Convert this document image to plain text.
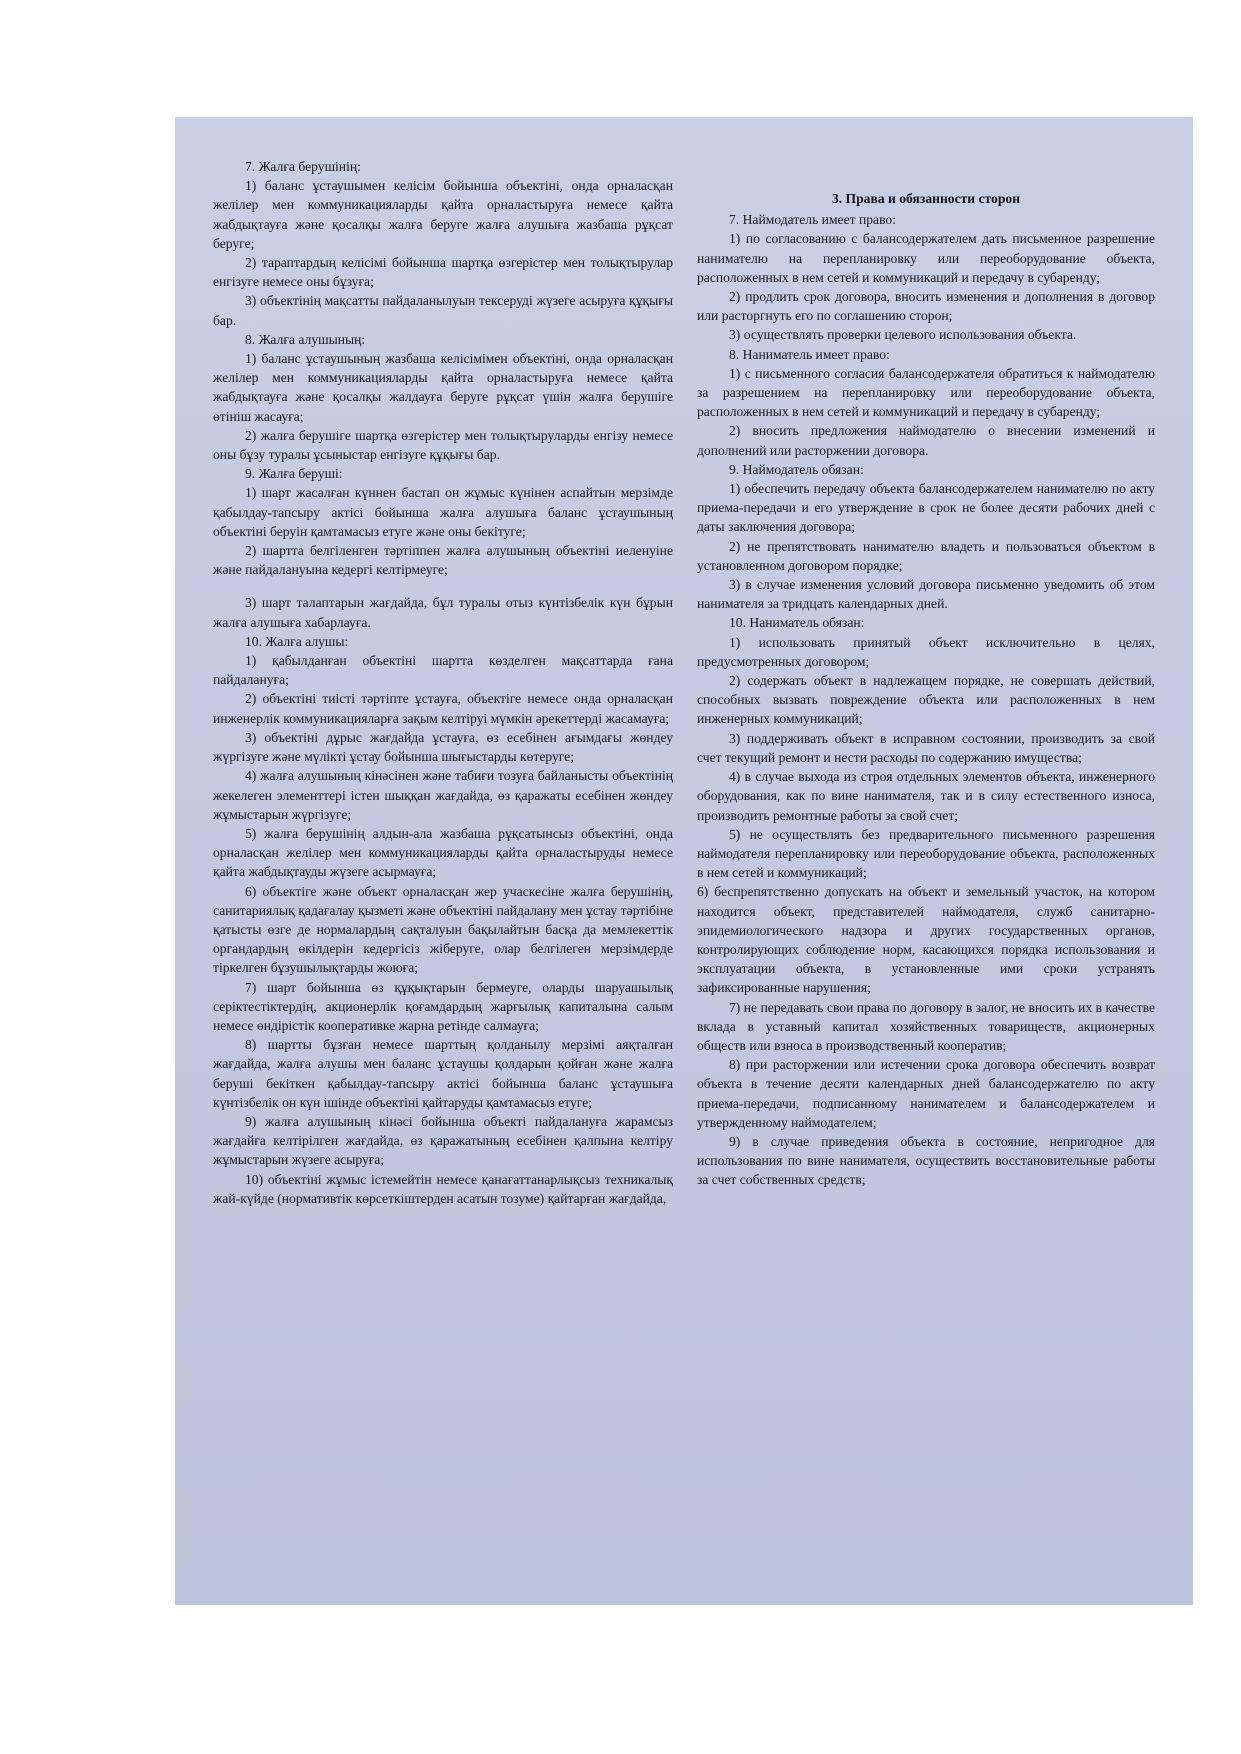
7. Жалға берушінің:

1) баланс ұстаушымен келісім бойынша объектіні, онда орналасқан желілер мен коммуникацияларды қайта орналастыруға немесе қайта жабдықтауға және қосалқы жалға беруге жалға алушыға жазбаша рұқсат беруге;

2) тараптардың келісімі бойынша шартқа өзгерістер мен толықтырулар енгізуге немесе оны бұзуға;

3) объектінің мақсатты пайдаланылуын тексеруді жүзеге асыруға құқығы бар.

8. Жалға алушының:

1) баланс ұстаушының жазбаша келісімімен объектіні, онда орналасқан желілер мен коммуникацияларды қайта орналастыруға немесе қайта жабдықтауға және қосалқы жалдауға беруге рұқсат үшін жалға берушіге өтініш жасауға;

2) жалға берушіге шартқа өзгерістер мен толықтыруларды енгізу немесе оны бұзу туралы ұсыныстар енгізуге құқығы бар.

9. Жалға беруші:

1) шарт жасалған күннен бастап он жұмыс күнінен аспайтын мерзімде қабылдау-тапсыру актісі бойынша жалға алушыға баланс ұстаушының объектіні беруін қамтамасыз етуге және оны бекітуге;

2) шартта белгіленген тәртіппен жалға алушының объектіні иеленуіне және пайдалануына кедергі келтірмеуге;

3) шарт талаптарын жағдайда, бұл туралы отыз күнтізбелік күн бұрын жалға алушыға хабарлауға.

10. Жалға алушы:

1) қабылданған объектіні шартта көзделген мақсаттарда ғана пайдалануға;

2) объектіні тиісті тәртіпте ұстауға, объектіге немесе онда орналасқан инженерлік коммуникацияларға зақым келтіруі мүмкін әрекеттерді жасамауға;

3) объектіні дұрыс жағдайда ұстауға, өз есебінен ағымдағы жөндеу жүргізуге және мүлікті ұстау бойынша шығыстарды көтеруге;

4) жалға алушының кінәсінен және табиғи тозуға байланысты объектінің жекелеген элементтері істен шыққан жағдайда, өз қаражаты есебінен жөндеу жұмыстарын жүргізуге;

5) жалға берушінің алдын-ала жазбаша рұқсатынсыз объектіні, онда орналасқан желілер мен коммуникацияларды қайта орналастыруды немесе қайта жабдықтауды жүзеге асырмауға;

6) объектіге және объект орналасқан жер учаскесіне жалға берушінің, санитариялық қадағалау қызметі және объектіні пайдалану мен ұстау тәртібіне қатысты өзге де нормалардың сақталуын бақылайтын басқа да мемлекеттік органдардың өкілдерін кедергісіз жіберуге, олар белгілеген мерзімдерде тіркелген бұзушылықтарды жоюға;

7) шарт бойынша өз құқықтарын бермеуге, оларды шаруашылық серіктестіктердің, акционерлік қоғамдардың жарғылық капиталына салым немесе өндірістік кооперативке жарна ретінде салмауға;

8) шартты бұзған немесе шарттың қолданылу мерзімі аяқталған жағдайда, жалға алушы мен баланс ұстаушы қолдарын қойған және жалға беруші бекіткен қабылдау-тапсыру актісі бойынша баланс ұстаушыға күнтізбелік он күн ішінде объектіні қайтаруды қамтамасыз етуге;

9) жалға алушының кінәсі бойынша объекті пайдалануға жарамсыз жағдайға келтірілген жағдайда, өз қаражатының есебінен қалпына келтіру жұмыстарын жүзеге асыруға;

10) объектіні жұмыс істемейтін немесе қанағаттанарлықсыз техникалық жай-күйде (нормативтік көрсеткіштерден асатын тозуме) қайтарған жағдайда,

3. Права и обязанности сторон

7. Наймодатель имеет право:

1) по согласованию с балансодержателем дать письменное разрешение нанимателю на перепланировку или переоборудование объекта, расположенных в нем сетей и коммуникаций и передачу в субаренду;

2) продлить срок договора, вносить изменения и дополнения в договор или расторгнуть его по соглашению сторон;

3) осуществлять проверки целевого использования объекта.

8. Наниматель имеет право:

1) с письменного согласия балансодержателя обратиться к наймодателю за разрешением на перепланировку или переоборудование объекта, расположенных в нем сетей и коммуникаций и передачу в субаренду;

2) вносить предложения наймодателю о внесении изменений и дополнений или расторжении договора.

9. Наймодатель обязан:

1) обеспечить передачу объекта балансодержателем нанимателю по акту приема-передачи и его утверждение в срок не более десяти рабочих дней с даты заключения договора;

2) не препятствовать нанимателю владеть и пользоваться объектом в установленном договором порядке;

3) в случае изменения условий договора письменно уведомить об этом нанимателя за тридцать календарных дней.

10. Наниматель обязан:

1) использовать принятый объект исключительно в целях, предусмотренных договором;

2) содержать объект в надлежащем порядке, не совершать действий, способных вызвать повреждение объекта или расположенных в нем инженерных коммуникаций;

3) поддерживать объект в исправном состоянии, производить за свой счет текущий ремонт и нести расходы по содержанию имущества;

4) в случае выхода из строя отдельных элементов объекта, инженерного оборудования, как по вине нанимателя, так и в силу естественного износа, производить ремонтные работы за свой счет;

5) не осуществлять без предварительного письменного разрешения наймодателя перепланировку или переоборудование объекта, расположенных в нем сетей и коммуникаций;

6) беспрепятственно допускать на объект и земельный участок, на котором находится объект, представителей наймодателя, служб санитарно-эпидемиологического надзора и других государственных органов, контролирующих соблюдение норм, касающихся порядка использования и эксплуатации объекта, в установленные ими сроки устранять зафиксированные нарушения;

7) не передавать свои права по договору в залог, не вносить их в качестве вклада в уставный капитал хозяйственных товариществ, акционерных обществ или взноса в производственный кооператив;

8) при расторжении или истечении срока договора обеспечить возврат объекта в течение десяти календарных дней балансодержателю по акту приема-передачи, подписанному нанимателем и балансодержателем и утвержденному наймодателем;

9) в случае приведения объекта в состояние, непригодное для использования по вине нанимателя, осуществить восстановительные работы за счет собственных средств;
